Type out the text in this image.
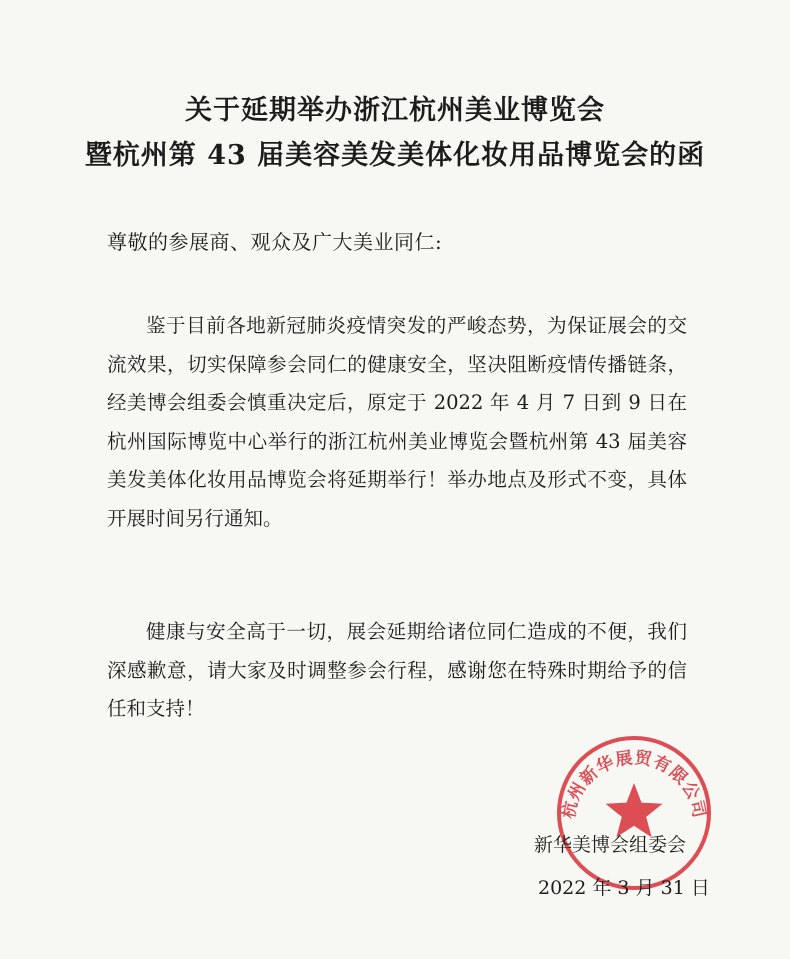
关于延期举办浙江杭州美业博览会
暨杭州第 43 届美容美发美体化妆用品博览会的函
尊敬的参展商、观众及广大美业同仁:

鉴于目前各地新冠肺炎疫情突发的严峻态势，为保证展会的交流效果，切实保障参会同仁的健康安全，坚决阻断疫情传播链条，经美博会组委会慎重决定后，原定于 2022 年 4 月 7 日到 9 日在杭州国际博览中心举行的浙江杭州美业博览会暨杭州第 43 届美容美发美体化妆用品博览会将延期举行！举办地点及形式不变，具体开展时间另行通知。

健康与安全高于一切，展会延期给诸位同仁造成的不便，我们深感歉意，请大家及时调整参会行程，感谢您在特殊时期给予的信任和支持！

杭州新华展贸有限公司
新华美博会组委会
2022 年 3 月 31 日
